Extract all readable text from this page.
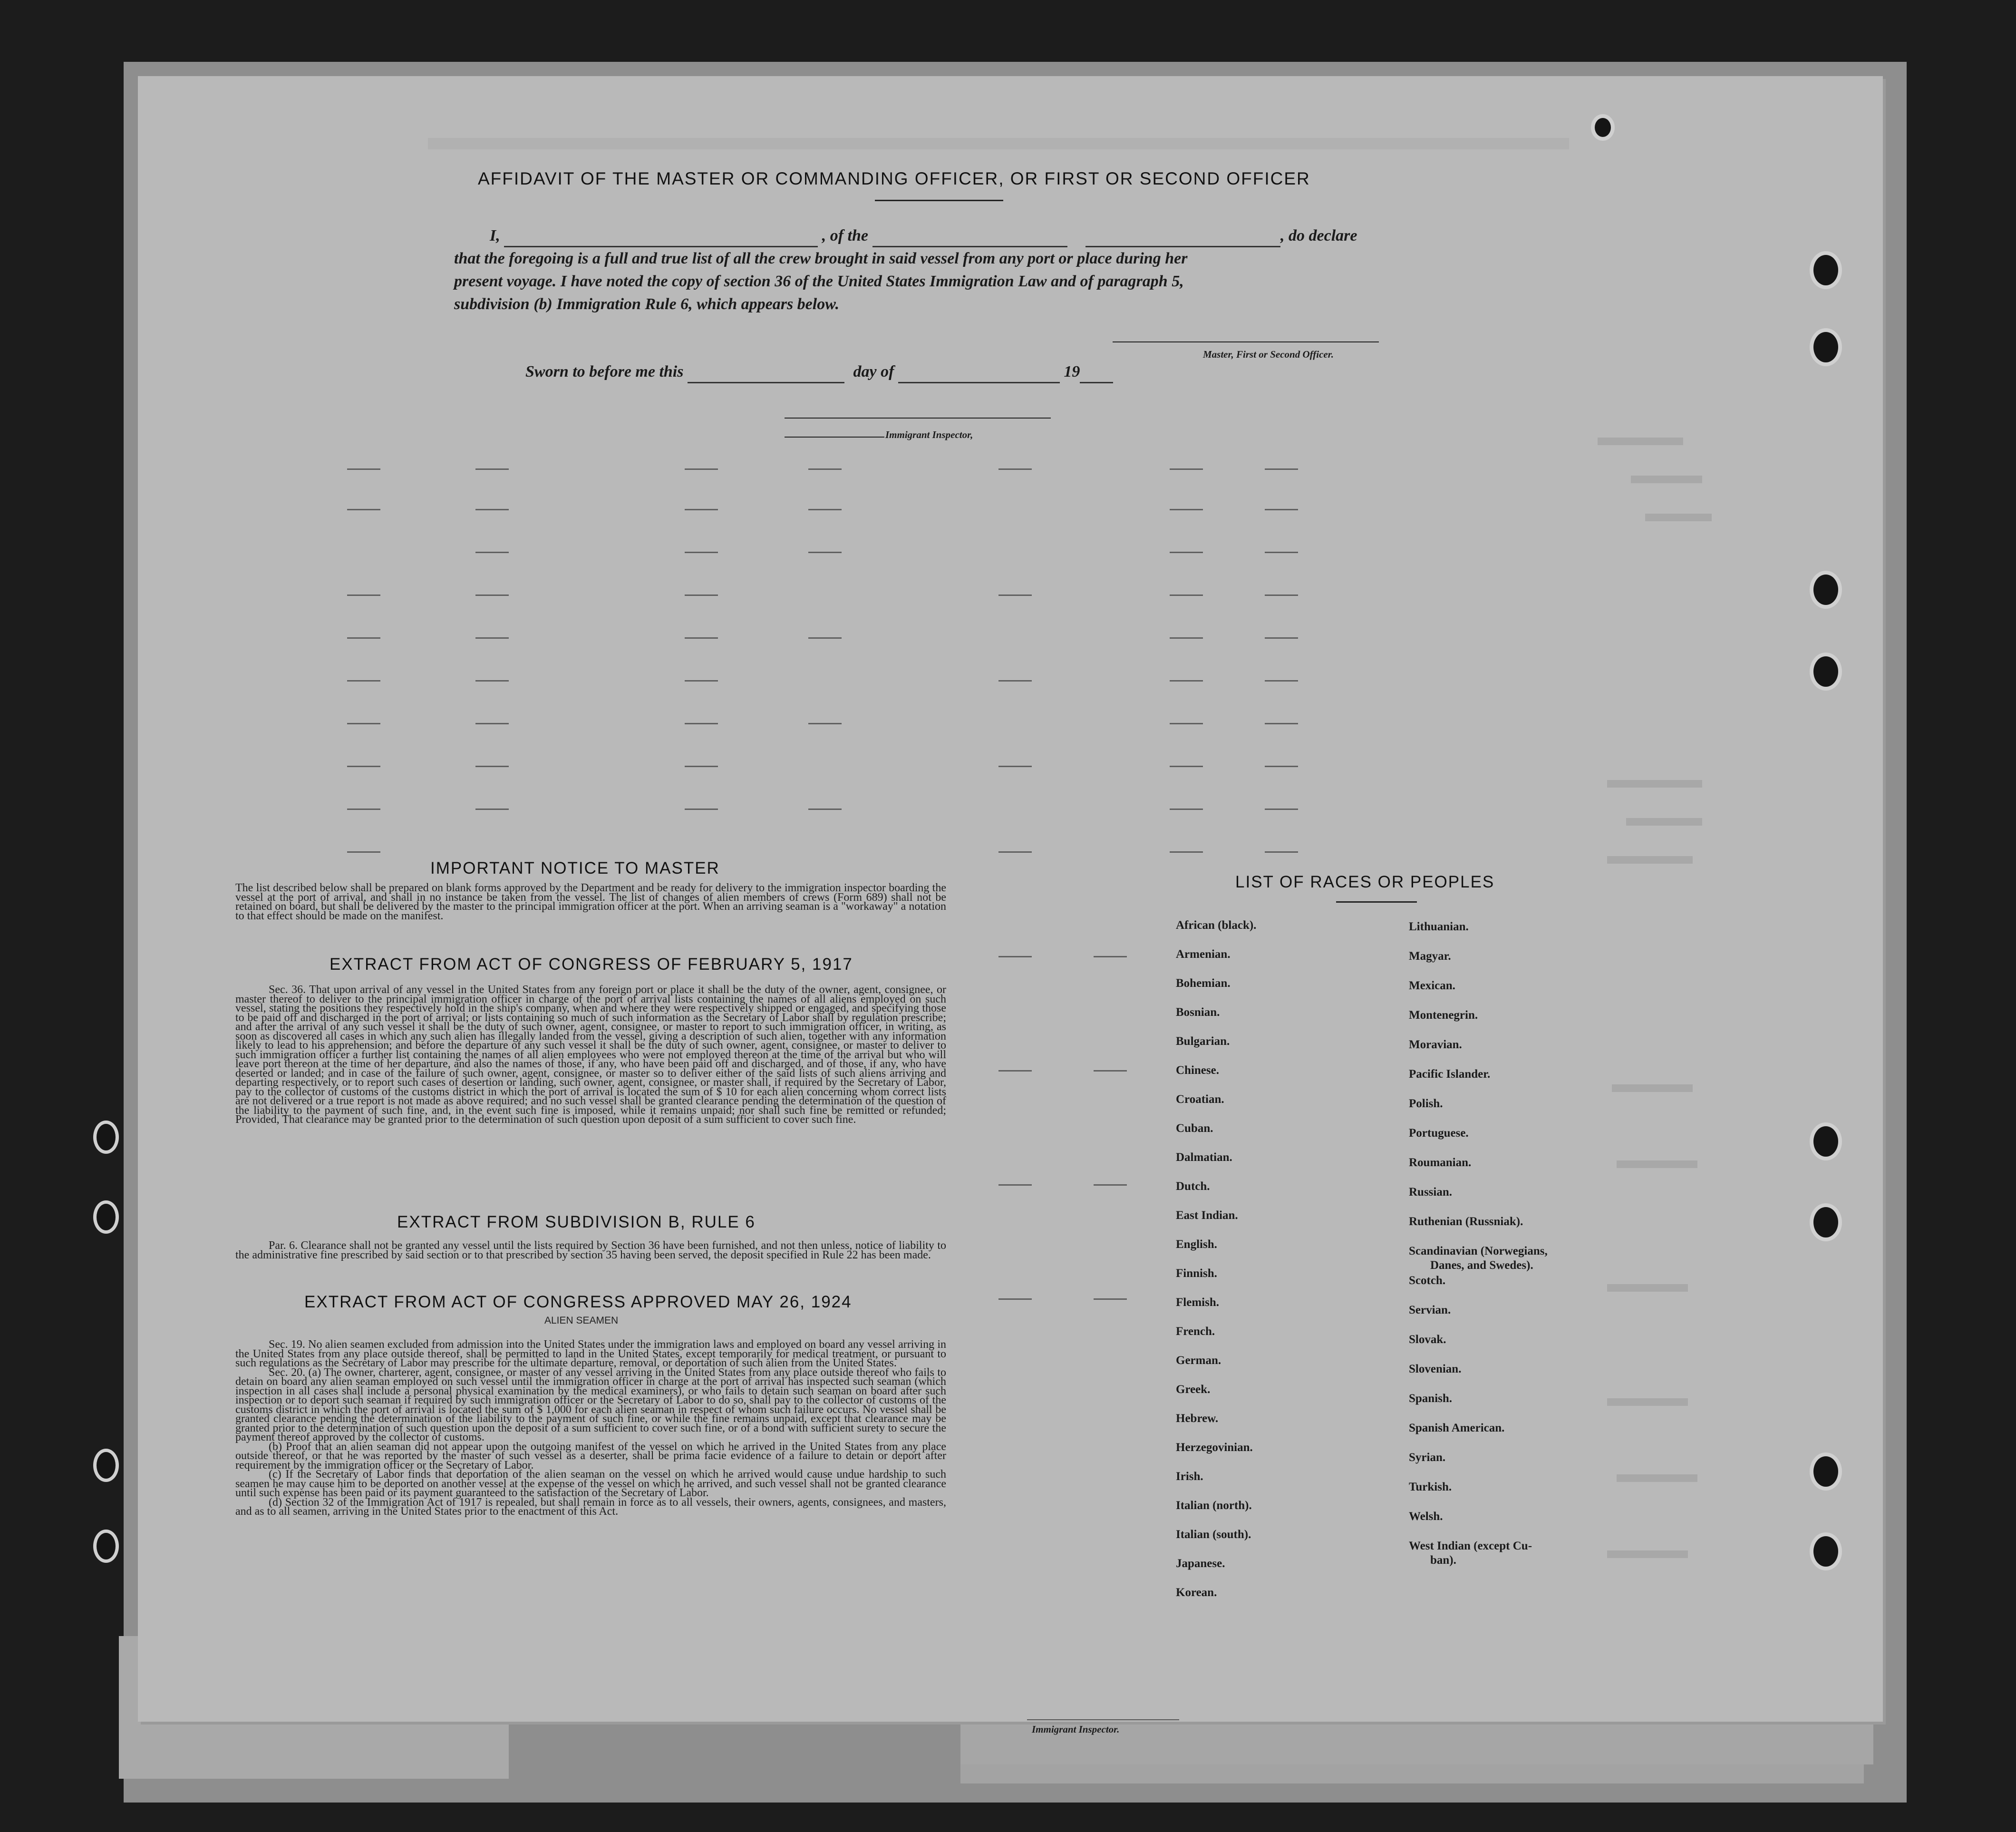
AFFIDAVIT OF THE MASTER OR COMMANDING OFFICER, OR FIRST OR SECOND OFFICER
I,	, of the	, do declare
that the foregoing is a full and true list of all the crew brought in said vessel from any port or place during her
present voyage. I have noted the copy of section 36 of the United States Immigration Law and of paragraph 5,
subdivision (b) Immigration Rule 6, which appears below.
Master, First or Second Officer.
Sworn to before me this	day of	19
Immigrant Inspector,
IMPORTANT NOTICE TO MASTER
The list described below shall be prepared on blank forms approved by the Department and be ready for delivery to the immigration inspector boarding the vessel at the port of arrival, and shall in no instance be taken from the vessel. The list of changes of alien members of crews (Form 689) shall not be retained on board, but shall be delivered by the master to the principal immigration officer at the port. When an arriving seaman is a "workaway" a notation to that effect should be made on the manifest.
EXTRACT FROM ACT OF CONGRESS OF FEBRUARY 5, 1917
Sec. 36. That upon arrival of any vessel in the United States from any foreign port or place it shall be the duty of the owner, agent, consignee, or master thereof to deliver to the principal immigration officer in charge of the port of arrival lists containing the names of all aliens employed on such vessel, stating the positions they respectively hold in the ship's company, when and where they were respectively shipped or engaged, and specifying those to be paid off and discharged in the port of arrival; or lists containing so much of such information as the Secretary of Labor shall by regulation prescribe; and after the arrival of any such vessel it shall be the duty of such owner, agent, consignee, or master to report to such immigration officer, in writing, as soon as discovered all cases in which any such alien has illegally landed from the vessel, giving a description of such alien, together with any information likely to lead to his apprehension; and before the departure of any such vessel it shall be the duty of such owner, agent, consignee, or master to deliver to such immigration officer a further list containing the names of all alien employees who were not employed thereon at the time of the arrival but who will leave port thereon at the time of her departure, and also the names of those, if any, who have been paid off and discharged, and of those, if any, who have deserted or landed; and in case of the failure of such owner, agent, consignee, or master so to deliver either of the said lists of such aliens arriving and departing respectively, or to report such cases of desertion or landing, such owner, agent, consignee, or master shall, if required by the Secretary of Labor, pay to the collector of customs of the customs district in which the port of arrival is located the sum of $ 10 for each alien concerning whom correct lists are not delivered or a true report is not made as above required; and no such vessel shall be granted clearance pending the determination of the question of the liability to the payment of such fine, and, in the event such fine is imposed, while it remains unpaid; nor shall such fine be remitted or refunded; Provided, That clearance may be granted prior to the determination of such question upon deposit of a sum sufficient to cover such fine.
EXTRACT FROM SUBDIVISION B, RULE 6
Par. 6. Clearance shall not be granted any vessel until the lists required by Section 36 have been furnished, and not then unless, notice of liability to the administrative fine prescribed by said section or to that prescribed by section 35 having been served, the deposit specified in Rule 22 has been made.
EXTRACT FROM ACT OF CONGRESS APPROVED MAY 26, 1924
ALIEN SEAMEN
Sec. 19. No alien seamen excluded from admission into the United States under the immigration laws and employed on board any vessel arriving in the United States from any place outside thereof, shall be permitted to land in the United States, except temporarily for medical treatment, or pursuant to such regulations as the Secretary of Labor may prescribe for the ultimate departure, removal, or deportation of such alien from the United States.
Sec. 20. (a) The owner, charterer, agent, consignee, or master of any vessel arriving in the United States from any place outside thereof who fails to detain on board any alien seaman employed on such vessel until the immigration officer in charge at the port of arrival has inspected such seaman (which inspection in all cases shall include a personal physical examination by the medical examiners), or who fails to detain such seaman on board after such inspection or to deport such seaman if required by such immigration officer or the Secretary of Labor to do so, shall pay to the collector of customs of the customs district in which the port of arrival is located the sum of $ 1,000 for each alien seaman in respect of whom such failure occurs. No vessel shall be granted clearance pending the determination of the liability to the payment of such fine, or while the fine remains unpaid, except that clearance may be granted prior to the determination of such question upon the deposit of a sum sufficient to cover such fine, or of a bond with sufficient surety to secure the payment thereof approved by the collector of customs.
(b) Proof that an alien seaman did not appear upon the outgoing manifest of the vessel on which he arrived in the United States from any place outside thereof, or that he was reported by the master of such vessel as a deserter, shall be prima facie evidence of a failure to detain or deport after requirement by the immigration officer or the Secretary of Labor.
(c) If the Secretary of Labor finds that deportation of the alien seaman on the vessel on which he arrived would cause undue hardship to such seamen he may cause him to be deported on another vessel at the expense of the vessel on which he arrived, and such vessel shall not be granted clearance until such expense has been paid or its payment guaranteed to the satisfaction of the Secretary of Labor.
(d) Section 32 of the Immigration Act of 1917 is repealed, but shall remain in force as to all vessels, their owners, agents, consignees, and masters, and as to all seamen, arriving in the United States prior to the enactment of this Act.
LIST OF RACES OR PEOPLES
African (black).
Armenian.
Bohemian.
Bosnian.
Bulgarian.
Chinese.
Croatian.
Cuban.
Dalmatian.
Dutch.
East Indian.
English.
Finnish.
Flemish.
French.
German.
Greek.
Hebrew.
Herzegovinian.
Irish.
Italian (north).
Italian (south).
Japanese.
Korean.
Lithuanian.
Magyar.
Mexican.
Montenegrin.
Moravian.
Pacific Islander.
Polish.
Portuguese.
Roumanian.
Russian.
Ruthenian (Russniak).
Scandinavian (Norwegians,
Danes, and Swedes).
Scotch.
Servian.
Slovak.
Slovenian.
Spanish.
Spanish American.
Syrian.
Turkish.
Welsh.
West Indian (except Cu-
ban).
Immigrant Inspector.
